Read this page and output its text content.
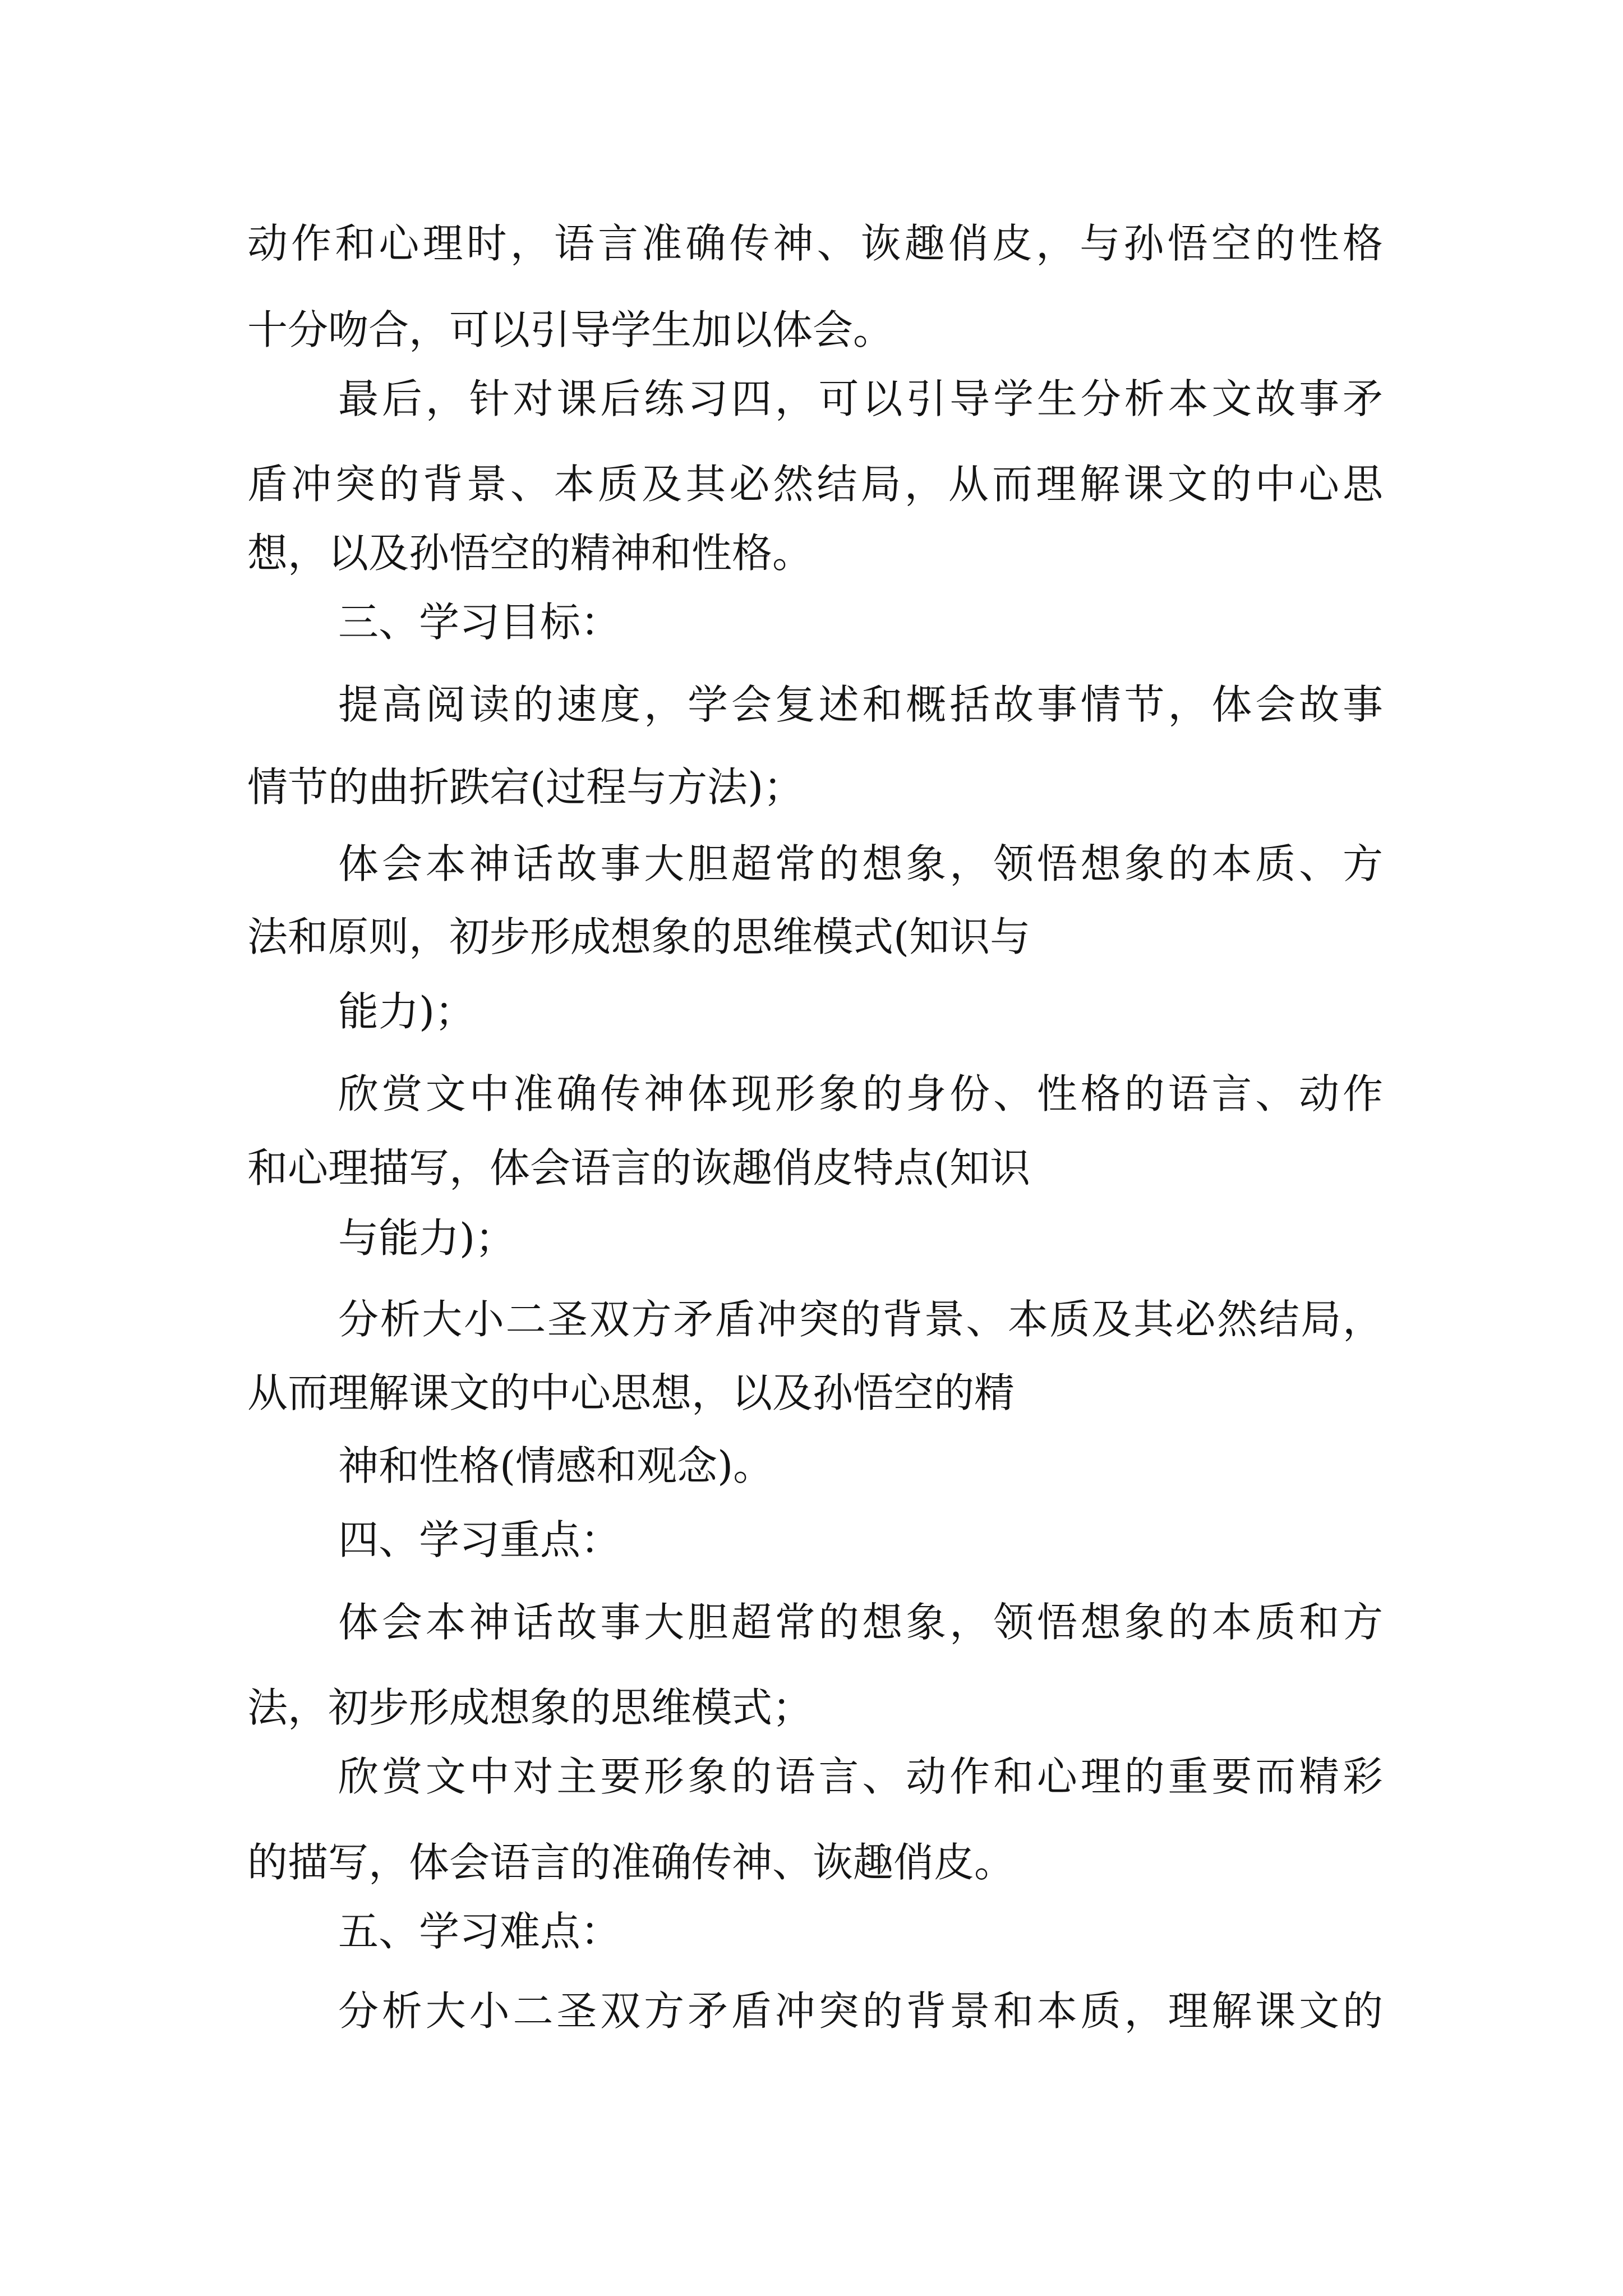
动作和心理时，语言准确传神、诙趣俏皮，与孙悟空的性格
十分吻合，可以引导学生加以体会。
最后，针对课后练习四，可以引导学生分析本文故事矛
盾冲突的背景、本质及其必然结局，从而理解课文的中心思
想，以及孙悟空的精神和性格。
三、学习目标：
提高阅读的速度，学会复述和概括故事情节，体会故事
情节的曲折跌宕(过程与方法)；
体会本神话故事大胆超常的想象，领悟想象的本质、方
法和原则，初步形成想象的思维模式(知识与
能力)；
欣赏文中准确传神体现形象的身份、性格的语言、动作
和心理描写，体会语言的诙趣俏皮特点(知识
与能力)；
分析大小二圣双方矛盾冲突的背景、本质及其必然结局，
从而理解课文的中心思想，以及孙悟空的精
神和性格(情感和观念)。
四、学习重点：
体会本神话故事大胆超常的想象，领悟想象的本质和方
法，初步形成想象的思维模式；
欣赏文中对主要形象的语言、动作和心理的重要而精彩
的描写，体会语言的准确传神、诙趣俏皮。
五、学习难点：
分析大小二圣双方矛盾冲突的背景和本质，理解课文的
